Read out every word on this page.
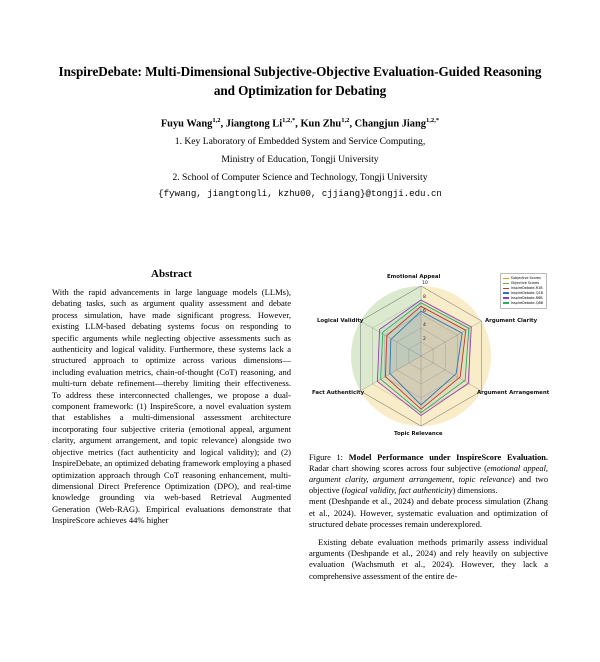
InspireDebate: Multi-Dimensional Subjective-Objective Evaluation-Guided Reasoning and Optimization for Debating
Fuyu Wang$^{1,2}$, Jiangtong $Li^{1,2,*}$, Kun Zhu$^{1,2}$, Changjun Jiang$^{1,2,*}$
1. Key Laboratory of Embedded System and Service Computing,
Ministry of Education, Tongji University
2. School of Computer Science and Technology, Tongji University
{fywang, jiangtongli, kzhu00, cjjiang}@tongji.edu.cn
Abstract

With the rapid advancements in large language models (LLMs), debating tasks, such as argument quality assessment and debate process simulation, have made significant progress. However, existing LLM-based debating systems focus on responding to specific arguments while neglecting objective assessments such as authenticity and logical validity. Furthermore, these systems lack a structured approach to optimize across various dimensions—including evaluation metrics, chain-of-thought (CoT) reasoning, and multi-turn debate refinement—thereby limiting their effectiveness. To address these interconnected challenges, we propose a dual-component framework: (1) InspireScore, a novel evaluation system that establishes a multi-dimensional assessment architecture incorporating four subjective criteria (emotional appeal, argument clarity, argument arrangement, and topic relevance) alongside two objective metrics (fact authenticity and logical validity); and (2) InspireDebate, an optimized debating framework employing a phased optimization approach through CoT reasoning enhancement, multi-dimensional Direct Preference Optimization (DPO), and real-time knowledge grounding via web-based Retrieval Augmented Generation (Web-RAG). Empirical evaluations demonstrate that InspireScore achieves 44% higher

2
4
6
8
10
Emotional Appeal
Argument Clarity
Argument Arrangement
Topic Relevance
Fact Authenticity
Logical Validity
Subjective Scores
Objective Scores
InspireDebate-R1B
InspireDebate-Q1B
InspireDebate-R8B
InspireDebate-Q8B
Figure 1: Model Performance under InspireScore Evaluation. Radar chart showing scores across four subjective (emotional appeal, argument clarity, argument arrangement, topic relevance) and two objective (logical validity, fact authenticity) dimensions.

ment (Deshpande et al., 2024) and debate process simulation (Zhang et al., 2024). However, systematic evaluation and optimization of structured debate processes remain underexplored.

Existing debate evaluation methods primarily assess individual arguments (Deshpande et al., 2024) and rely heavily on subjective evaluation (Wachsmuth et al., 2024). However, they lack a comprehensive assessment of the entire de-
